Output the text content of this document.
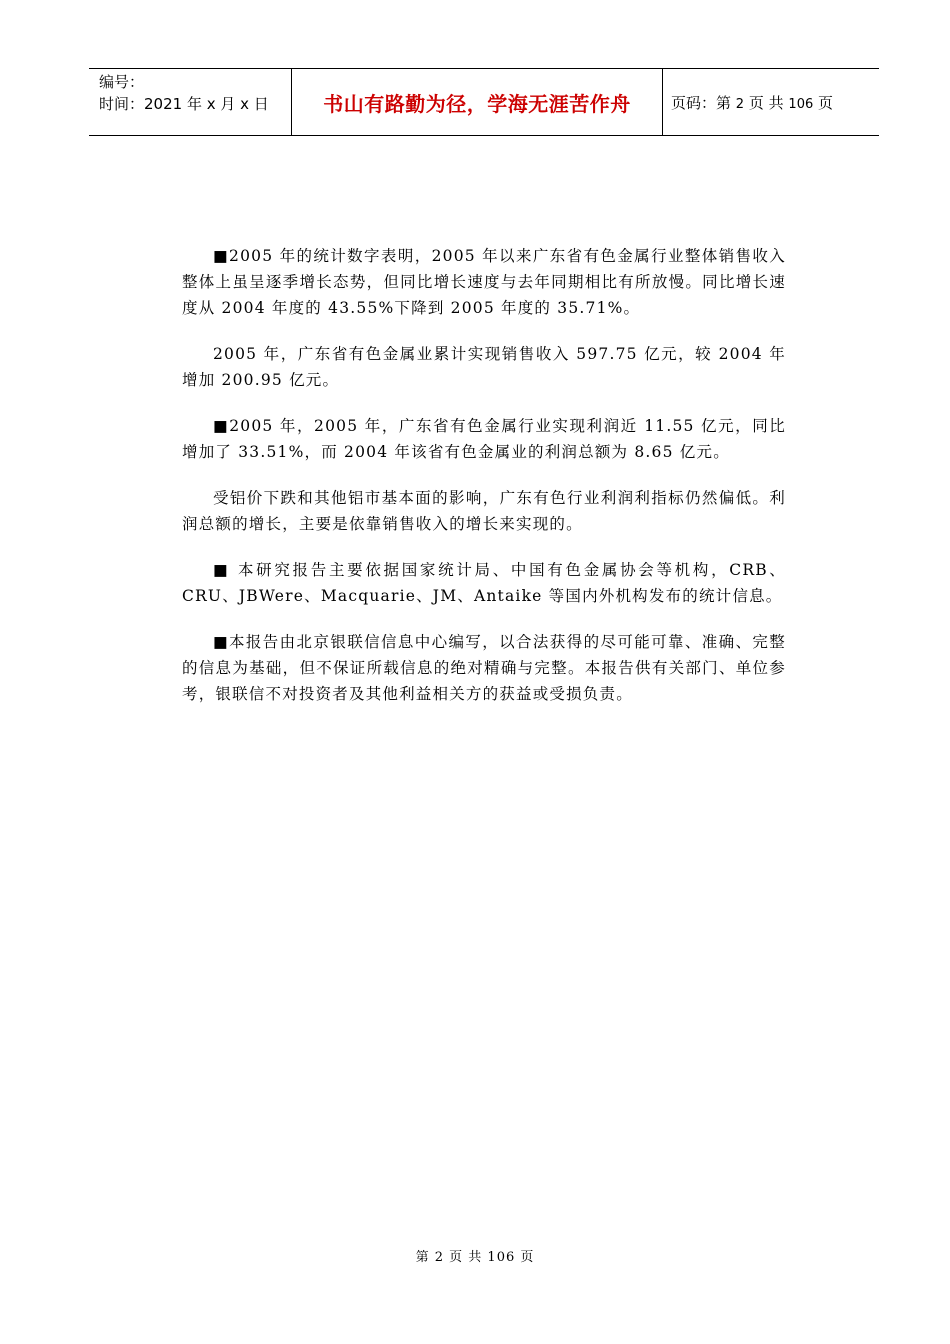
编号：
时间：2021 年 x 月 x 日	书山有路勤为径，学海无涯苦作舟	页码：第 2 页 共 106 页

■2005 年的统计数字表明，2005 年以来广东省有色金属行业整体销售收入整体上虽呈逐季增长态势，但同比增长速度与去年同期相比有所放慢。同比增长速度从 2004 年度的 43.55%下降到 2005 年度的 35.71%。

2005 年，广东省有色金属业累计实现销售收入 597.75 亿元，较 2004 年增加 200.95 亿元。

■2005 年，2005 年，广东省有色金属行业实现利润近 11.55 亿元，同比增加了 33.51%，而 2004 年该省有色金属业的利润总额为 8.65 亿元。

受铝价下跌和其他铝市基本面的影响，广东有色行业利润利指标仍然偏低。利润总额的增长，主要是依靠销售收入的增长来实现的。

■ 本研究报告主要依据国家统计局、中国有色金属协会等机构，CRB、CRU、JBWere、Macquarie、JM、Antaike 等国内外机构发布的统计信息。

■本报告由北京银联信信息中心编写，以合法获得的尽可能可靠、准确、完整的信息为基础，但不保证所载信息的绝对精确与完整。本报告供有关部门、单位参考，银联信不对投资者及其他利益相关方的获益或受损负责。

第 2 页 共 106 页
